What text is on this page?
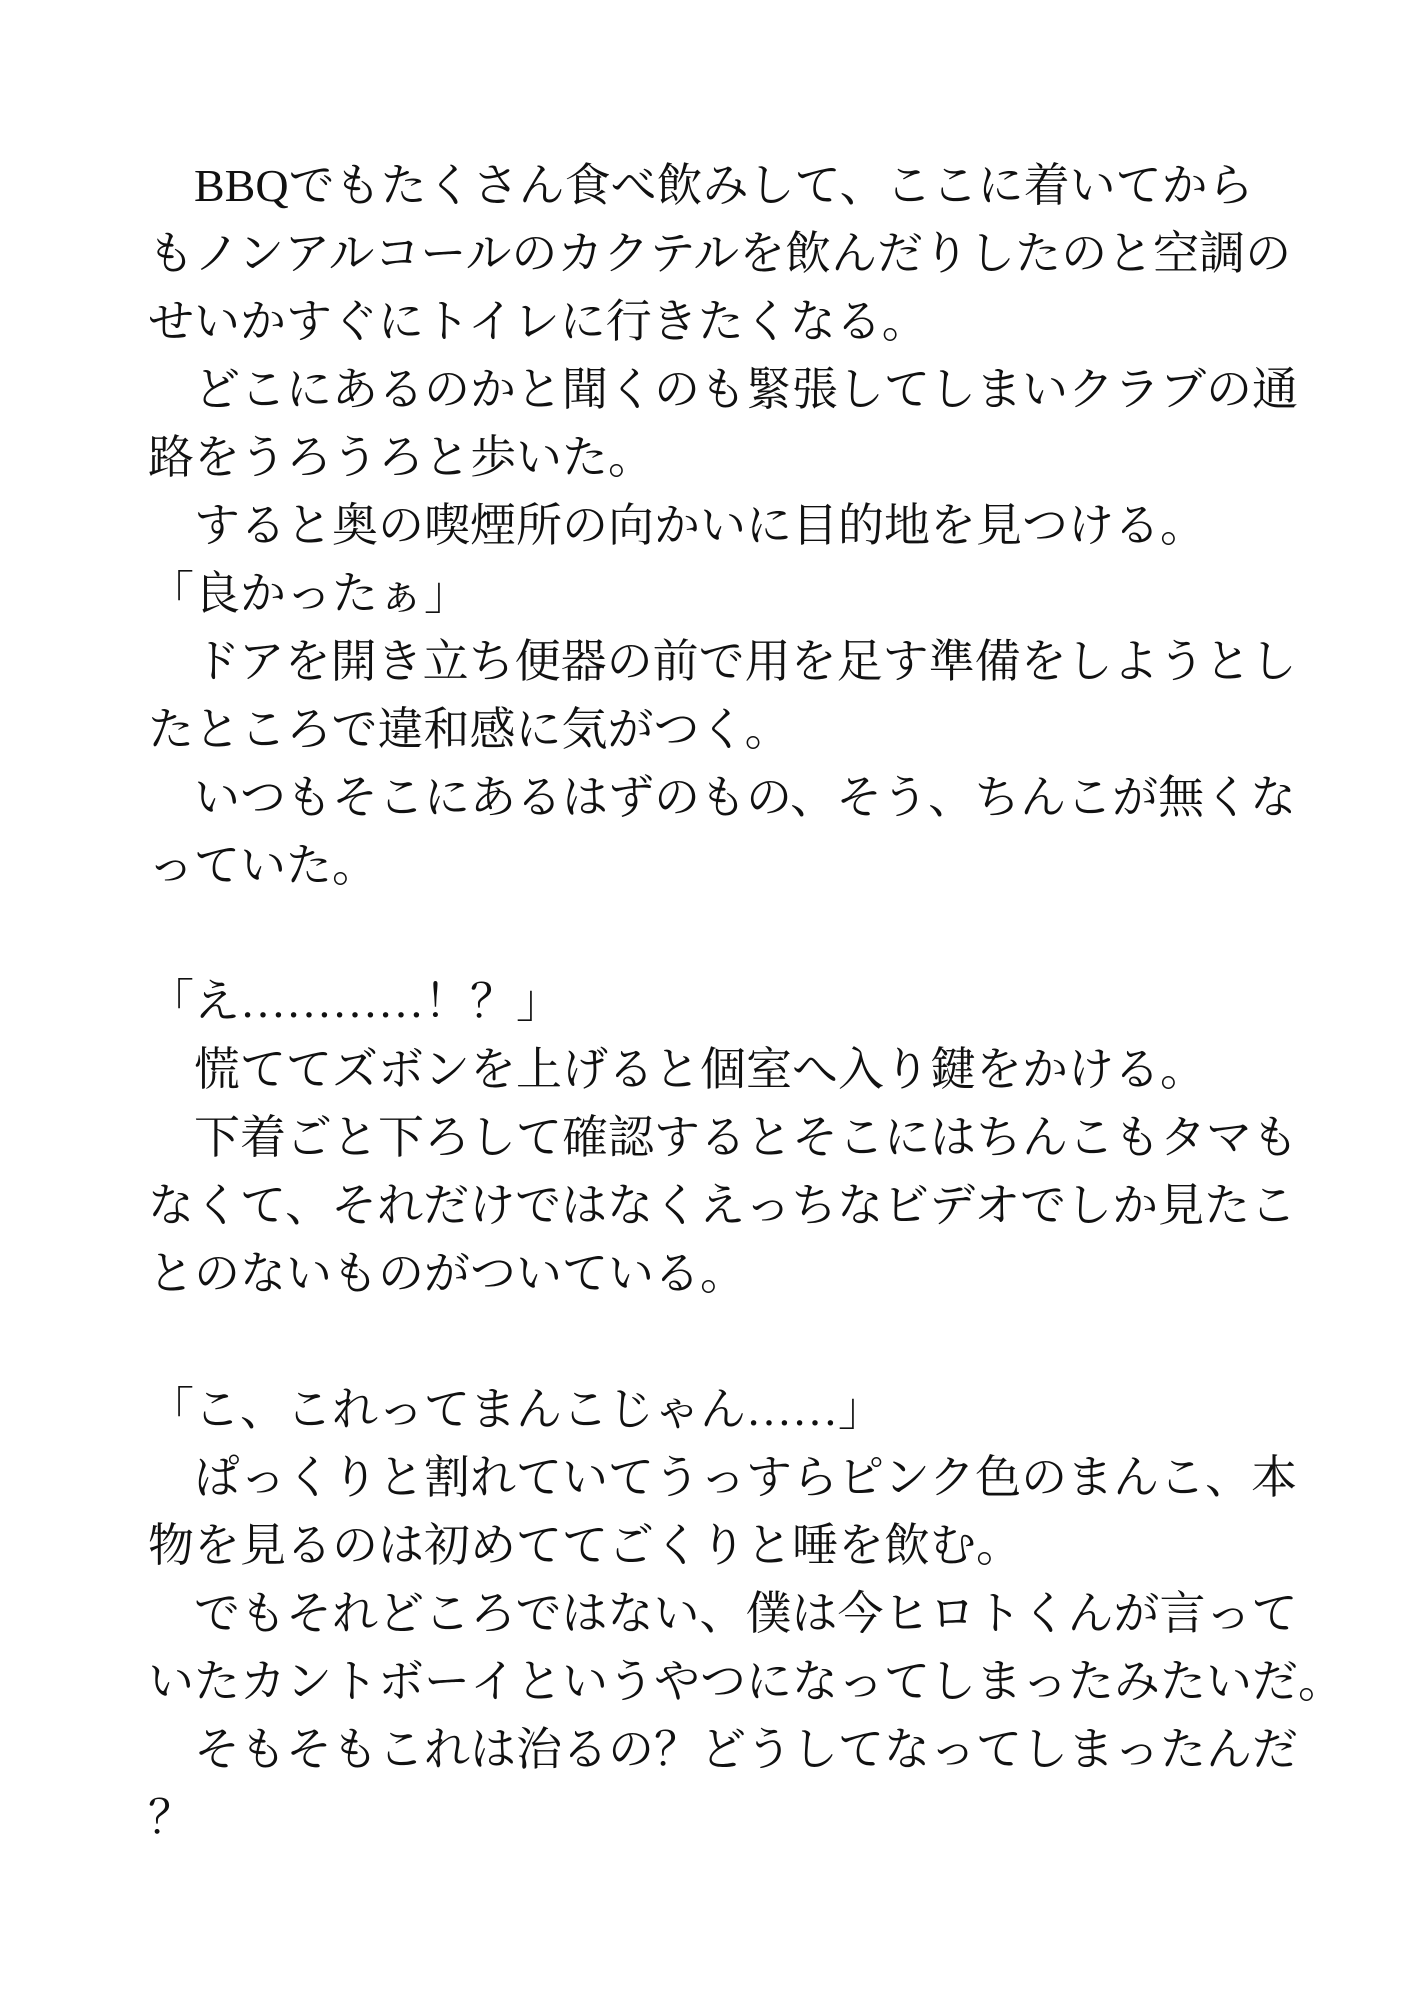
BBQでもたくさん食べ飲みして、ここに着いてから
もノンアルコールのカクテルを飲んだりしたのと空調の
せいかすぐにトイレに行きたくなる。
どこにあるのかと聞くのも緊張してしまいクラブの通
路をうろうろと歩いた。
すると奥の喫煙所の向かいに目的地を見つける。
「良かったぁ」
ドアを開き立ち便器の前で用を足す準備をしようとし
たところで違和感に気がつく。
いつもそこにあるはずのもの、そう、ちんこが無くな
っていた。
「え…………！？」
慌ててズボンを上げると個室へ入り鍵をかける。
下着ごと下ろして確認するとそこにはちんこもタマも
なくて、それだけではなくえっちなビデオでしか見たこ
とのないものがついている。
「こ、これってまんこじゃん……」
ぱっくりと割れていてうっすらピンク色のまんこ、本
物を見るのは初めててごくりと唾を飲む。
でもそれどころではない、僕は今ヒロトくんが言って
いたカントボーイというやつになってしまったみたいだ。
そもそもこれは治るの？どうしてなってしまったんだ
？
